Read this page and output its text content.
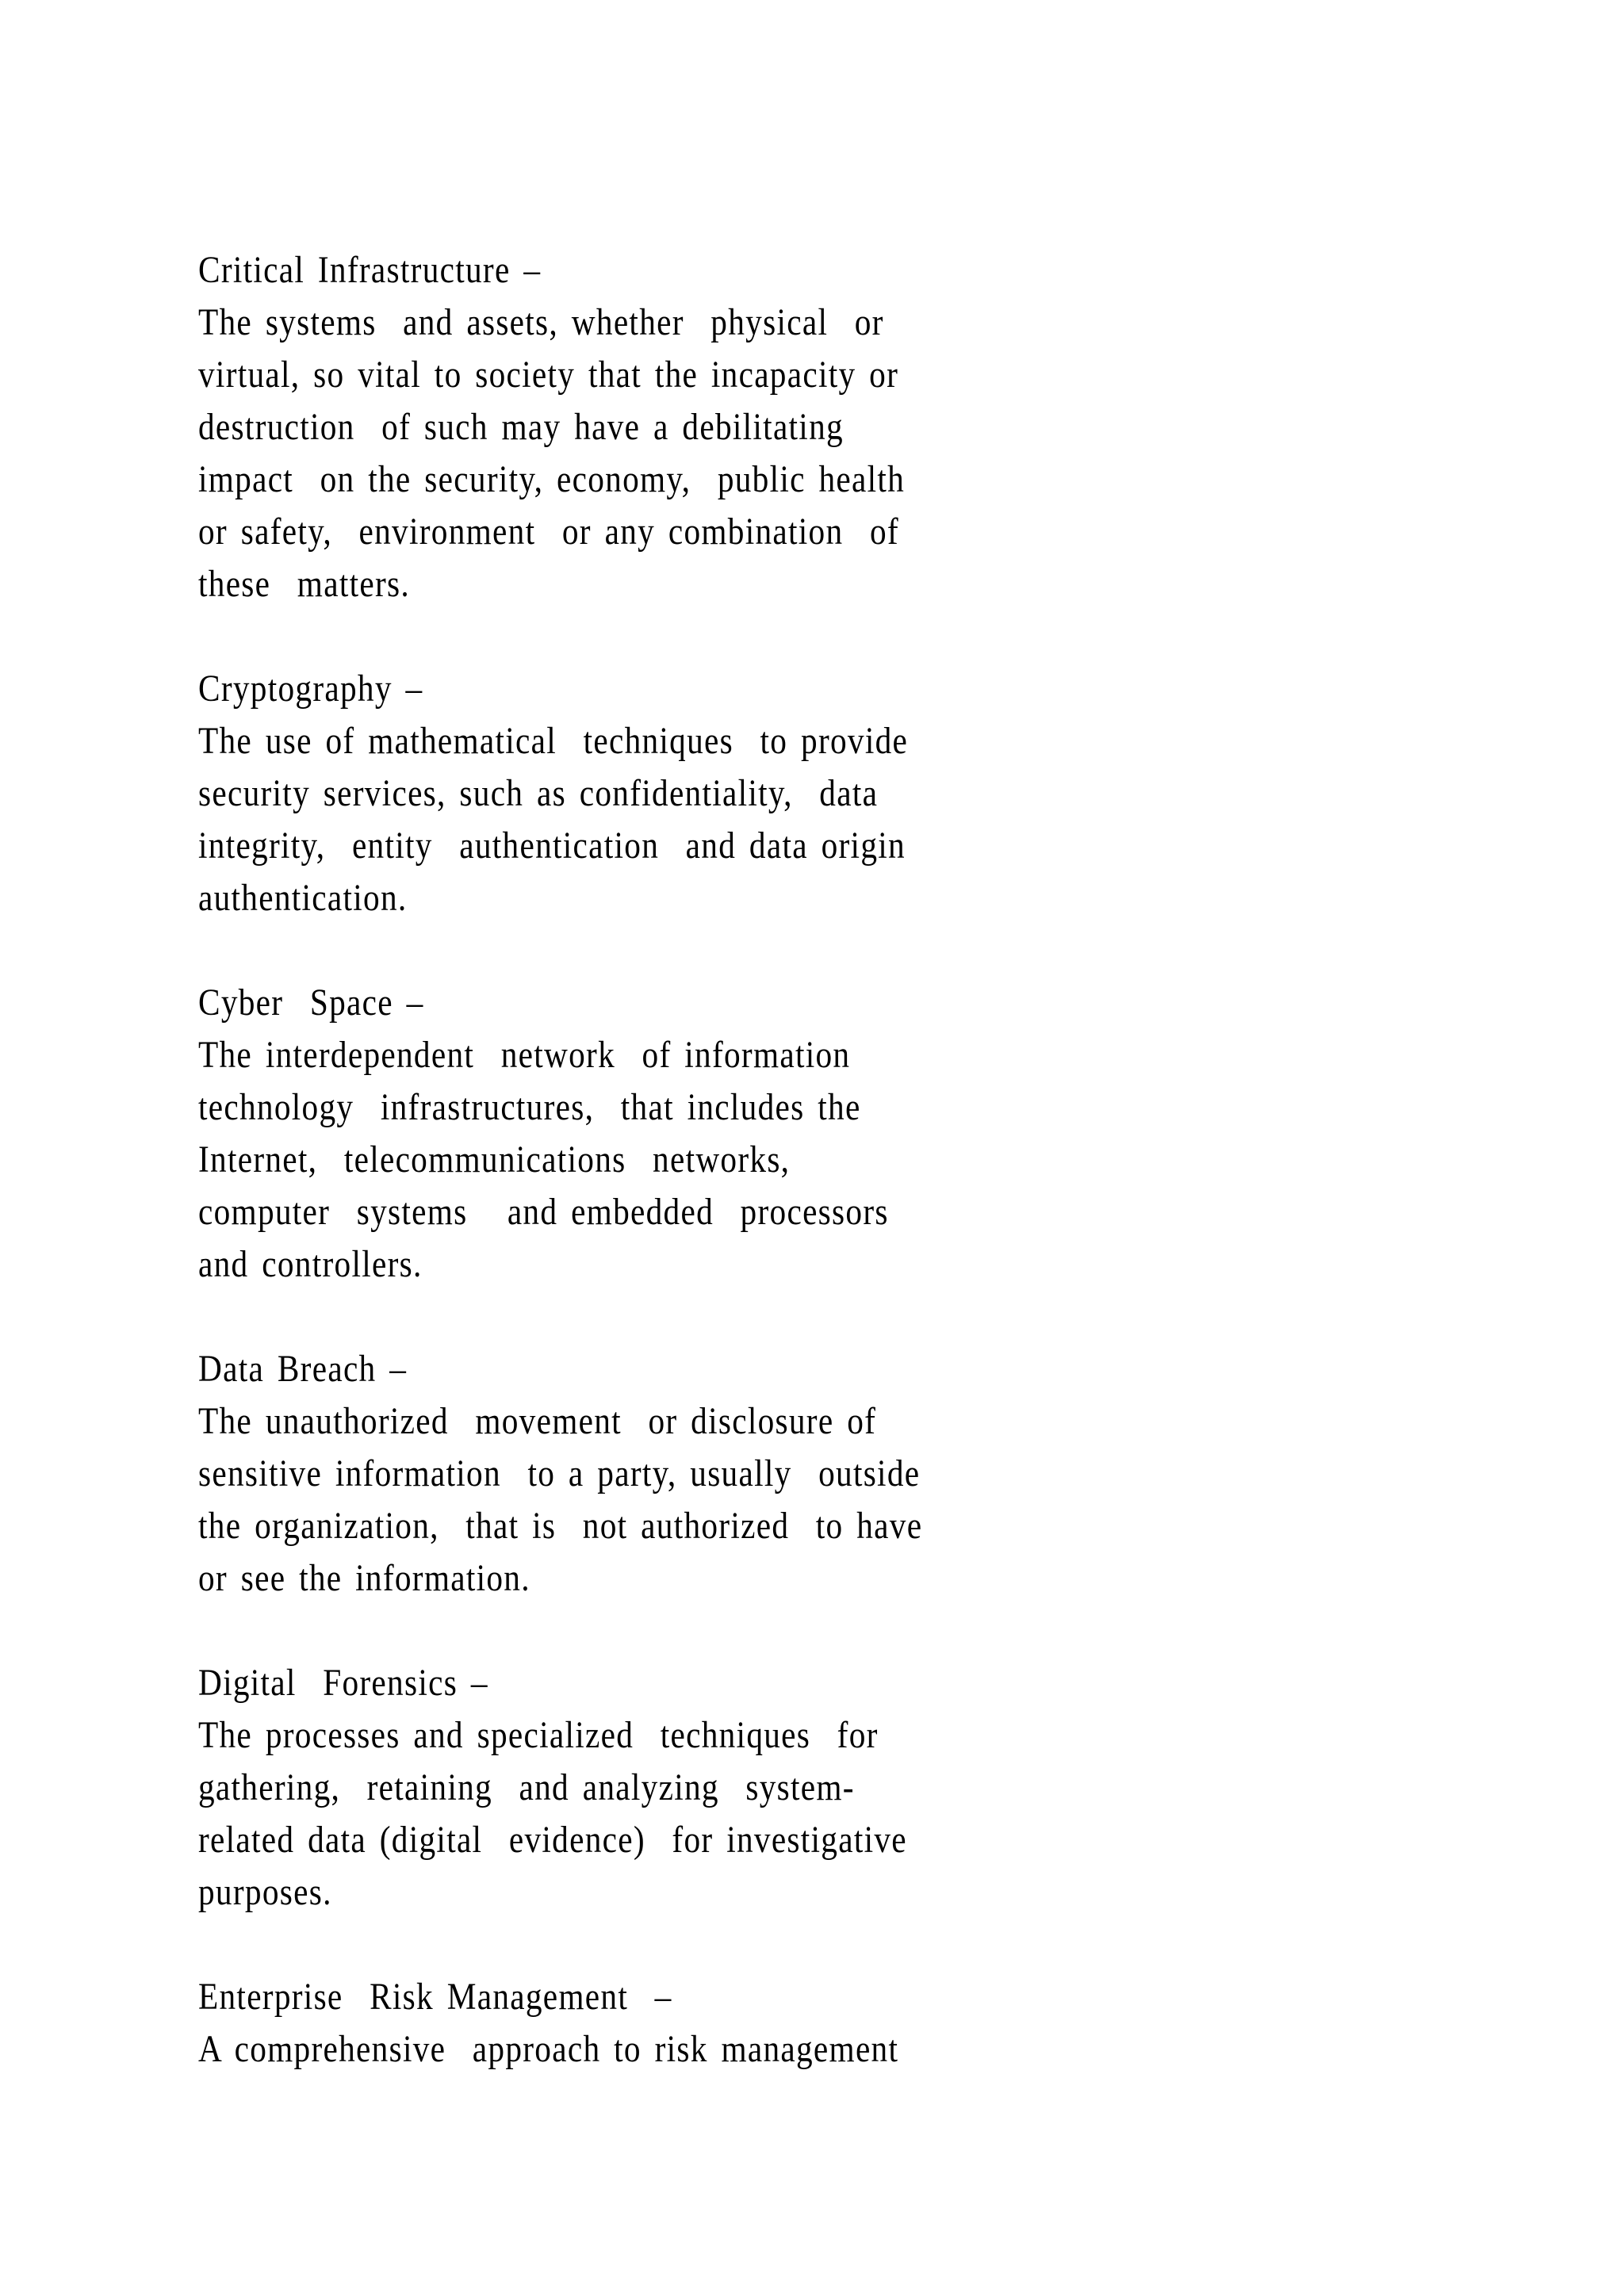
Critical Infrastructure –
The systems  and assets, whether  physical  or
virtual, so vital to society that the incapacity or
destruction  of such may have a debilitating
impact  on the security, economy,  public health
or safety,  environment  or any combination  of
these  matters.
Cryptography –
The use of mathematical  techniques  to provide
security services, such as confidentiality,  data
integrity,  entity  authentication  and data origin
authentication.
Cyber  Space –
The interdependent  network  of information
technology  infrastructures,  that includes the
Internet,  telecommunications  networks,
computer  systems   and embedded  processors
and controllers.
Data Breach –
The unauthorized  movement  or disclosure of
sensitive information  to a party, usually  outside
the organization,  that is  not authorized  to have
or see the information.
Digital  Forensics –
The processes and specialized  techniques  for
gathering,  retaining  and analyzing  system-
related data (digital  evidence)  for investigative
purposes.
Enterprise  Risk Management  –
A comprehensive  approach to risk management
